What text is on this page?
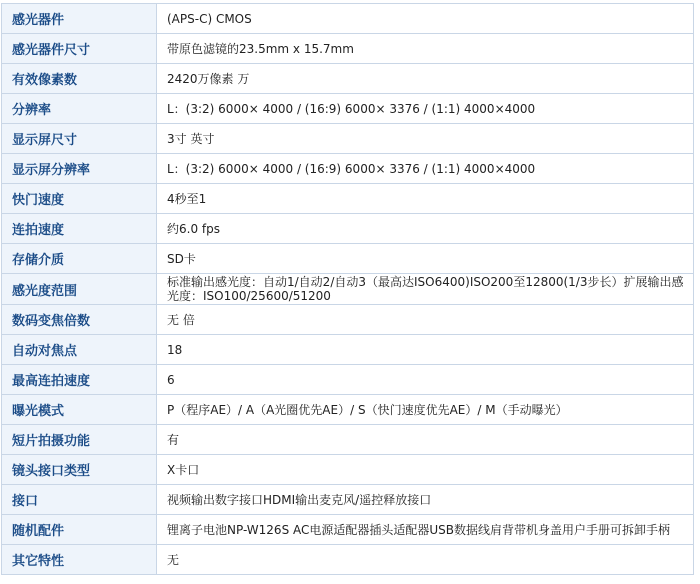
感光器件	(APS-C) CMOS
感光器件尺寸	带原色滤镜的23.5mm x 15.7mm
有效像素数	2420万像素 万
分辨率	L：(3:2) 6000× 4000 / (16:9) 6000× 3376 / (1:1) 4000×4000
显示屏尺寸	3寸 英寸
显示屏分辨率	L：(3:2) 6000× 4000 / (16:9) 6000× 3376 / (1:1) 4000×4000
快门速度	4秒至1
连拍速度	约6.0 fps
存储介质	SD卡
感光度范围	标准输出感光度：自动1/自动2/自动3（最高达ISO6400)ISO200至12800(1/3步长）扩展输出感光度：ISO100/25600/51200
数码变焦倍数	无 倍
自动对焦点	18
最高连拍速度	6
曝光模式	P（程序AE）/ A（A光圈优先AE）/ S（快门速度优先AE）/ M（手动曝光）
短片拍摄功能	有
镜头接口类型	X卡口
接口	视频输出数字接口HDMI输出麦克风/遥控释放接口
随机配件	锂离子电池NP-W126S AC电源适配器插头适配器USB数据线肩背带机身盖用户手册可拆卸手柄
其它特性	无
